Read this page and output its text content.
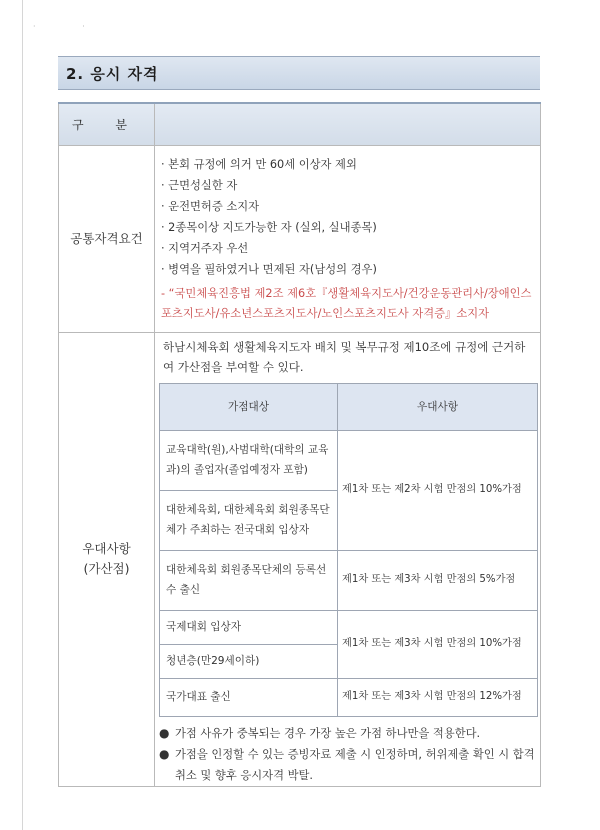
· ·
2. 응시 자격
구 분	
공통자격요건	
· 본회 규정에 의거 만 60세 이상자 제외
· 근면성실한 자
· 운전면허증 소지자
· 2종목이상 지도가능한 자 (실외, 실내종목)
· 지역거주자 우선
· 병역을 필하였거나 면제된 자(남성의 경우)
- “국민체육진흥법 제2조 제6호『생활체육지도사/건강운동관리사/장애인스포츠지도사/유소년스포츠지도사/노인스포츠지도사 자격증』소지자

우대사항
(가산점)

하남시체육회 생활체육지도자 배치 및 복무규정 제10조에 규정에 근거하여 가산점을 부여할 수 있다.
가점대상	우대사항
교육대학(원),사범대학(대학의 교육과)의 졸업자(졸업예정자 포함)	제1차 또는 제2차 시험 만점의 10%가점
대한체육회, 대한체육회 회원종목단체가 주최하는 전국대회 입상자
대한체육회 회원종목단체의 등록선수 출신	제1차 또는 제3차 시험 만점의 5%가점
국제대회 입상자	제1차 또는 제3차 시험 만점의 10%가점
청년층(만29세이하)
국가대표 출신	제1차 또는 제3차 시험 만점의 12%가점
● 가점 사유가 중복되는 경우 가장 높은 가점 하나만을 적용한다.
● 가점을 인정할 수 있는 증빙자료 제출 시 인정하며, 허위제출 확인 시 합격 취소 및 향후 응시자격 박탈.
